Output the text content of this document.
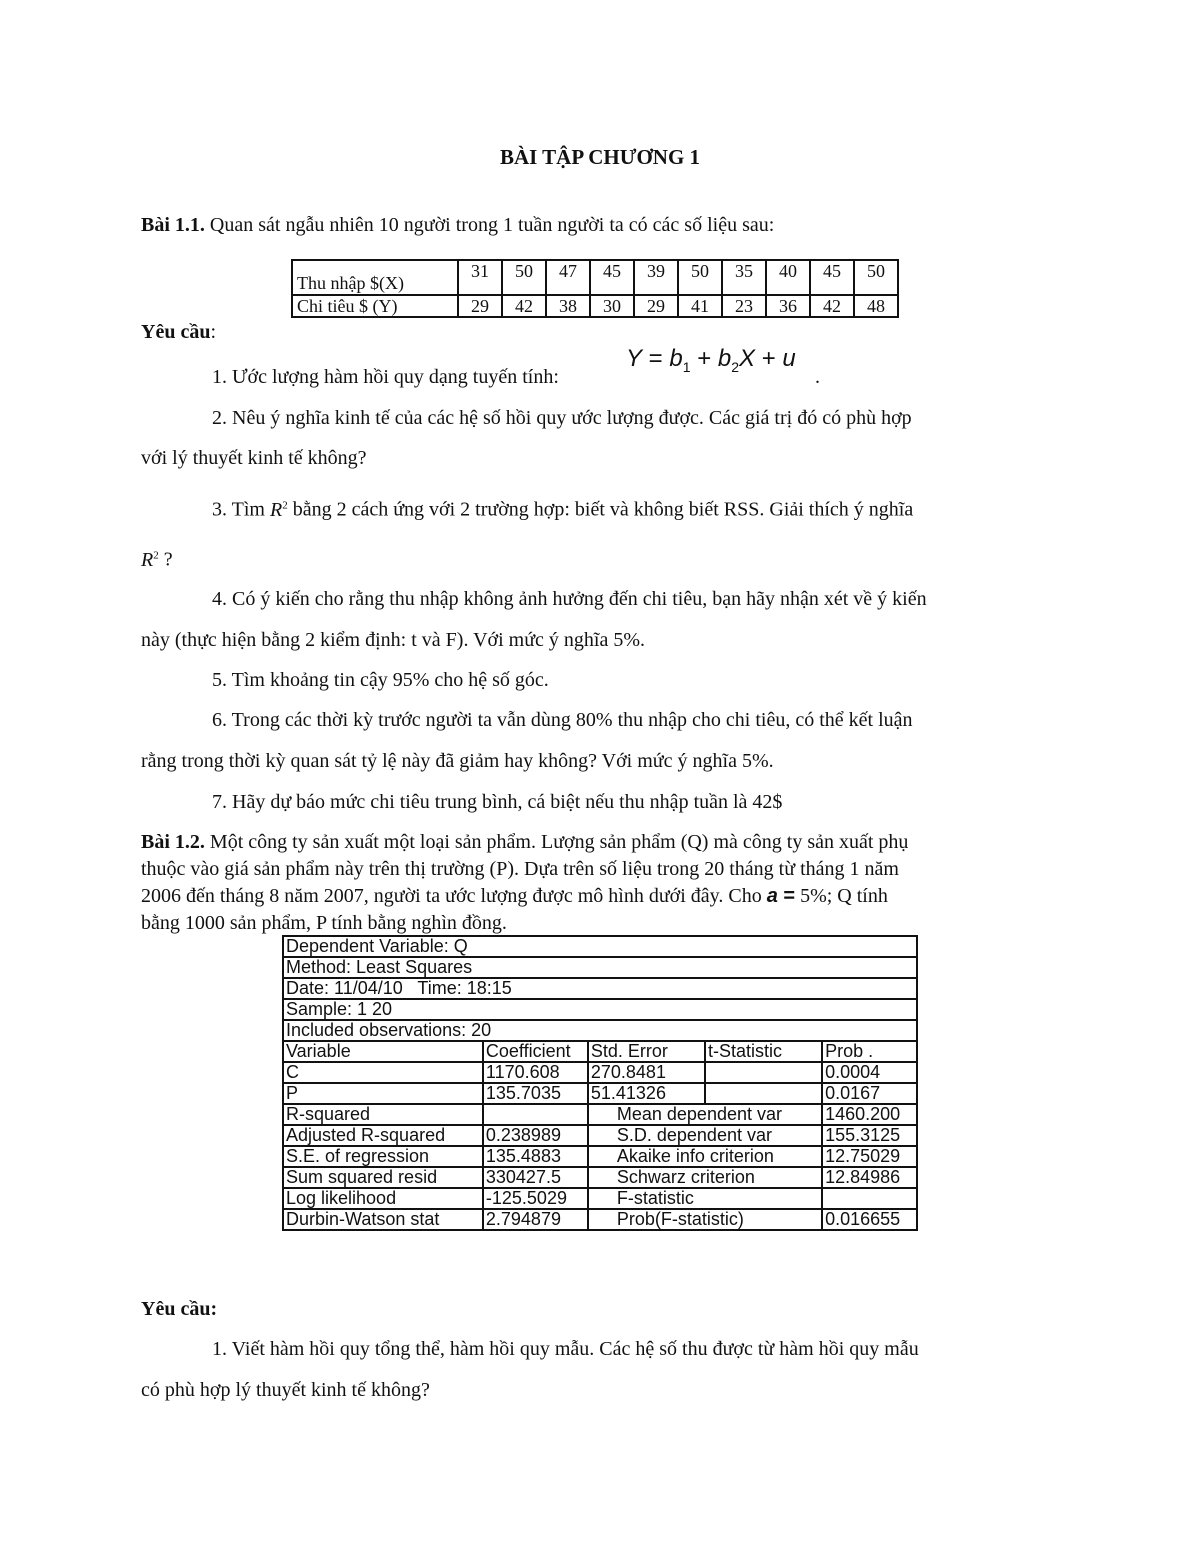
BÀI TẬP CHƯƠNG 1
Bài 1.1. Quan sát ngẫu nhiên 10 người trong 1 tuần người ta có các số liệu sau:
Thu nhập $(X)	31	50	47	45	39	50	35	40	45	50
Chi tiêu $ (Y)	29	42	38	30	29	41	23	36	42	48
Yêu cầu:
1. Ước lượng hàm hồi quy dạng tuyến tính:
$Y = b_1 + b_2X + u$
.
2. Nêu ý nghĩa kinh tế của các hệ số hồi quy ước lượng được. Các giá trị đó có phù hợp
với lý thuyết kinh tế không?
3. Tìm $R^2$ bằng 2 cách ứng với 2 trường hợp: biết và không biết RSS. Giải thích ý nghĩa
$R^2$ ?
4. Có ý kiến cho rằng thu nhập không ảnh hưởng đến chi tiêu, bạn hãy nhận xét về ý kiến
này (thực hiện bằng 2 kiểm định: t và F). Với mức ý nghĩa 5%.
5. Tìm khoảng tin cậy 95% cho hệ số góc.
6. Trong các thời kỳ trước người ta vẫn dùng 80% thu nhập cho chi tiêu, có thể kết luận
rằng trong thời kỳ quan sát tỷ lệ này đã giảm hay không? Với mức ý nghĩa 5%.
7. Hãy dự báo mức chi tiêu trung bình, cá biệt nếu thu nhập tuần là 42$
Bài 1.2. Một công ty sản xuất một loại sản phẩm. Lượng sản phẩm (Q) mà công ty sản xuất phụ
thuộc vào giá sản phẩm này trên thị trường (P). Dựa trên số liệu trong 20 tháng từ tháng 1 năm
2006 đến tháng 8 năm 2007, người ta ước lượng được mô hình dưới đây. Cho a = 5%; Q tính
bằng 1000 sản phẩm, P tính bằng nghìn đồng.
Dependent Variable: Q				
Method: Least Squares				
Date: 11/04/10   Time: 18:15				
Sample: 1 20				
Included observations: 20				
Variable	Coefficient	Std. Error	t-Statistic	Prob .
C	1170.608	270.8481		0.0004
P	135.7035	51.41326		0.0167
R-squared		Mean dependent var		1460.200
Adjusted R-squared	0.238989	S.D. dependent var		155.3125
S.E. of regression	135.4883	Akaike info criterion		12.75029
Sum squared resid	330427.5	Schwarz criterion		12.84986
Log likelihood	-125.5029	F-statistic		
Durbin-Watson stat	2.794879	Prob(F-statistic)		0.016655
Yêu cầu:
1. Viết hàm hồi quy tổng thể, hàm hồi quy mẫu. Các hệ số thu được từ hàm hồi quy mẫu
có phù hợp lý thuyết kinh tế không?
